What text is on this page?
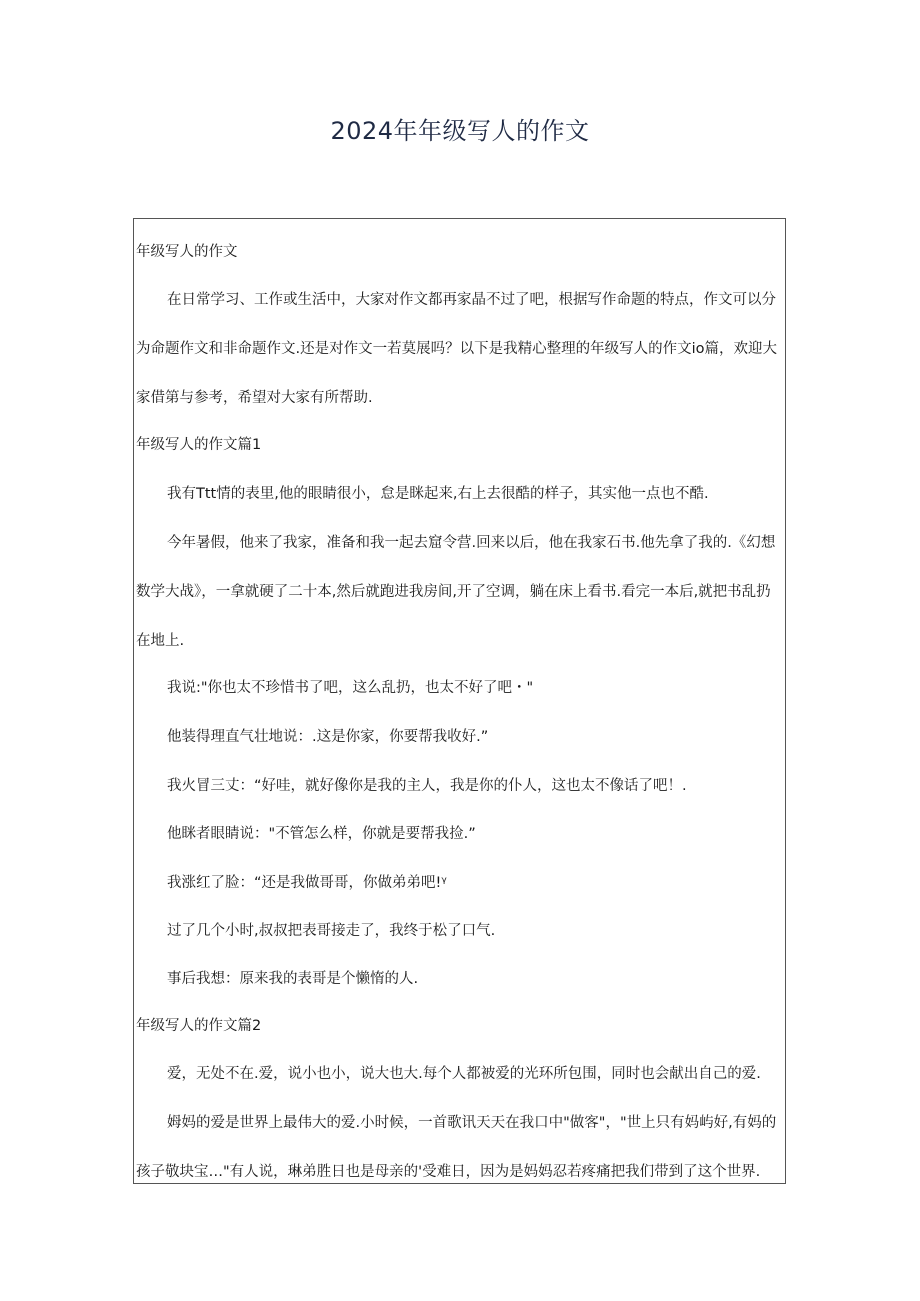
2024年年级写人的作文

年级写人的作文

在日常学习、工作或生活中，大家对作文都再家晶不过了吧，根据写作命题的特点，作文可以分为命题作文和非命题作文.还是对作文一若莫展吗？以下是我精心整理的年级写人的作文io篇，欢迎大家借第与参考，希望对大家有所帮助.

年级写人的作文篇1

我有Ttt情的表里,他的眼睛很小，怠是眯起来,右上去很酷的样子，其实他一点也不酷.

今年暑假，他来了我家，准备和我一起去窟令营.回来以后，他在我家石书.他先拿了我的.《幻想数学大战》，一拿就硬了二十本,然后就跑进我房间,开了空调，躺在床上看书.看完一本后,就把书乱扔在地上.

我说:"你也太不珍惜书了吧，这么乱扔，也太不好了吧・"

他装得理直气壮地说：.这是你家，你要帮我收好.”

我火冒三丈：“好哇，就好像你是我的主人，我是你的仆人，这也太不像话了吧！.

他眯者眼睛说："不管怎么样，你就是要帮我捡.”

我涨红了脸：“还是我做哥哥，你做弟弟吧!ᵞ

过了几个小时,叔叔把表哥接走了，我终于松了口气.

事后我想：原来我的表哥是个懒惰的人.

年级写人的作文篇2

爱，无处不在.爱，说小也小，说大也大.每个人都被爱的光环所包围，同时也会献出自己的爱.

姆妈的爱是世界上最伟大的爱.小时候，一首歌讯天天在我口中"做客"，"世上只有妈屿好,有妈的孩子敬块宝…"有人说，琳弟胜日也是母亲的'受难日，因为是妈妈忍若疼痛把我们带到了这个世界.
